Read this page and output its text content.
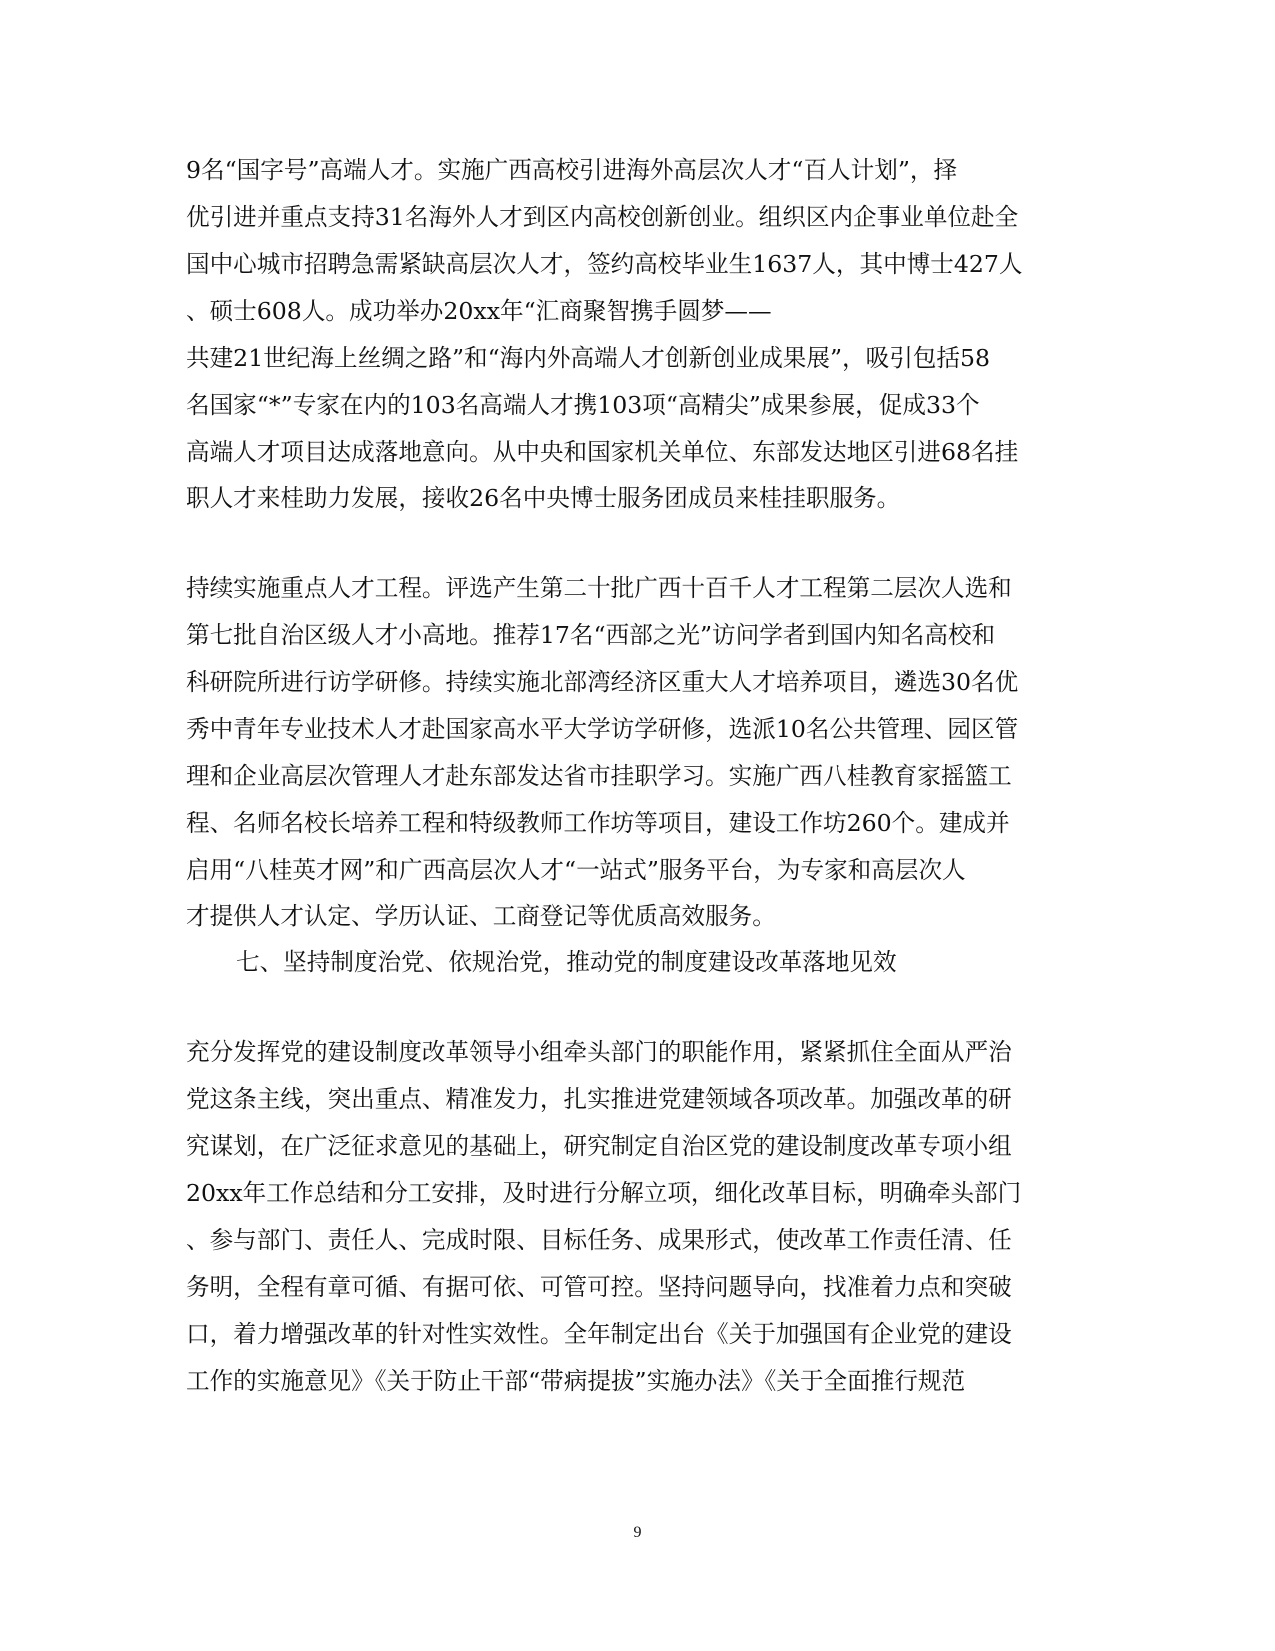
9名“国字号”高端人才。实施广西高校引进海外高层次人才“百人计划”，择
优引进并重点支持31名海外人才到区内高校创新创业。组织区内企事业单位赴全
国中心城市招聘急需紧缺高层次人才，签约高校毕业生1637人，其中博士427人
、硕士608人。成功举办20xx年“汇商聚智携手圆梦——
共建21世纪海上丝绸之路”和“海内外高端人才创新创业成果展”，吸引包括58
名国家“*”专家在内的103名高端人才携103项“高精尖”成果参展，促成33个
高端人才项目达成落地意向。从中央和国家机关单位、东部发达地区引进68名挂
职人才来桂助力发展，接收26名中央博士服务团成员来桂挂职服务。
持续实施重点人才工程。评选产生第二十批广西十百千人才工程第二层次人选和
第七批自治区级人才小高地。推荐17名“西部之光”访问学者到国内知名高校和
科研院所进行访学研修。持续实施北部湾经济区重大人才培养项目，遴选30名优
秀中青年专业技术人才赴国家高水平大学访学研修，选派10名公共管理、园区管
理和企业高层次管理人才赴东部发达省市挂职学习。实施广西八桂教育家摇篮工
程、名师名校长培养工程和特级教师工作坊等项目，建设工作坊260个。建成并
启用“八桂英才网”和广西高层次人才“一站式”服务平台，为专家和高层次人
才提供人才认定、学历认证、工商登记等优质高效服务。
七、坚持制度治党、依规治党，推动党的制度建设改革落地见效
充分发挥党的建设制度改革领导小组牵头部门的职能作用，紧紧抓住全面从严治
党这条主线，突出重点、精准发力，扎实推进党建领域各项改革。加强改革的研
究谋划，在广泛征求意见的基础上，研究制定自治区党的建设制度改革专项小组
20xx年工作总结和分工安排，及时进行分解立项，细化改革目标，明确牵头部门
、参与部门、责任人、完成时限、目标任务、成果形式，使改革工作责任清、任
务明，全程有章可循、有据可依、可管可控。坚持问题导向，找准着力点和突破
口，着力增强改革的针对性实效性。全年制定出台《关于加强国有企业党的建设
工作的实施意见》《关于防止干部“带病提拔”实施办法》《关于全面推行规范
9
